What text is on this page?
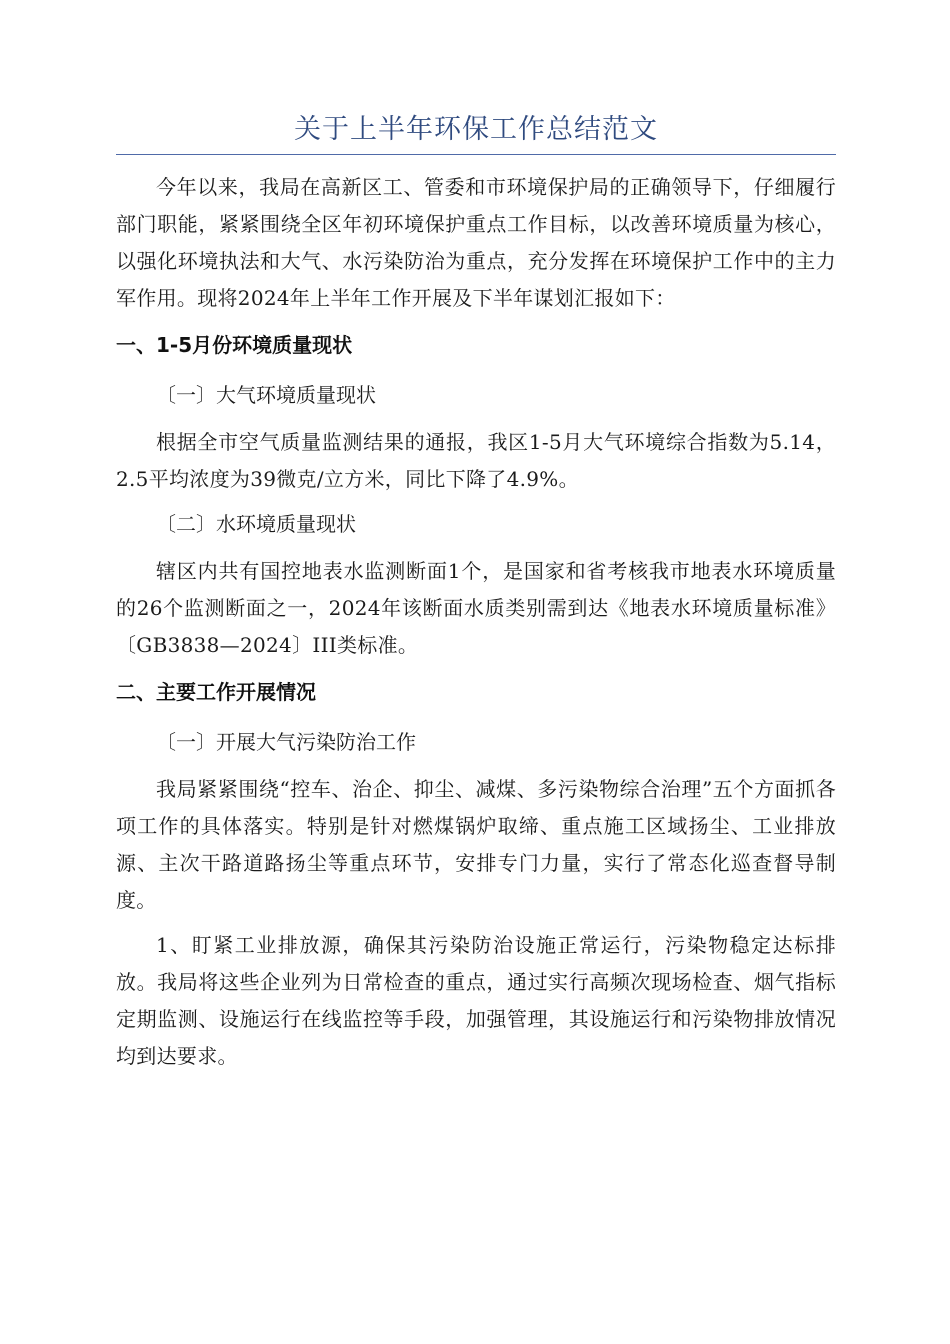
关于上半年环保工作总结范文

今年以来，我局在高新区工、管委和市环境保护局的正确领导下，仔细履行部门职能，紧紧围绕全区年初环境保护重点工作目标，以改善环境质量为核心，以强化环境执法和大气、水污染防治为重点，充分发挥在环境保护工作中的主力军作用。现将2024年上半年工作开展及下半年谋划汇报如下：

一、1-5月份环境质量现状

〔一〕大气环境质量现状

根据全市空气质量监测结果的通报，我区1-5月大气环境综合指数为5.14，2.5平均浓度为39微克/立方米，同比下降了4.9%。

〔二〕水环境质量现状

辖区内共有国控地表水监测断面1个，是国家和省考核我市地表水环境质量的26个监测断面之一，2024年该断面水质类别需到达《地表水环境质量标准》〔GB3838—2024〕III类标准。

二、主要工作开展情况

〔一〕开展大气污染防治工作

我局紧紧围绕“控车、治企、抑尘、减煤、多污染物综合治理”五个方面抓各项工作的具体落实。特别是针对燃煤锅炉取缔、重点施工区域扬尘、工业排放源、主次干路道路扬尘等重点环节，安排专门力量，实行了常态化巡查督导制度。

1、盯紧工业排放源，确保其污染防治设施正常运行，污染物稳定达标排放。我局将这些企业列为日常检查的重点，通过实行高频次现场检查、烟气指标定期监测、设施运行在线监控等手段，加强管理，其设施运行和污染物排放情况均到达要求。
